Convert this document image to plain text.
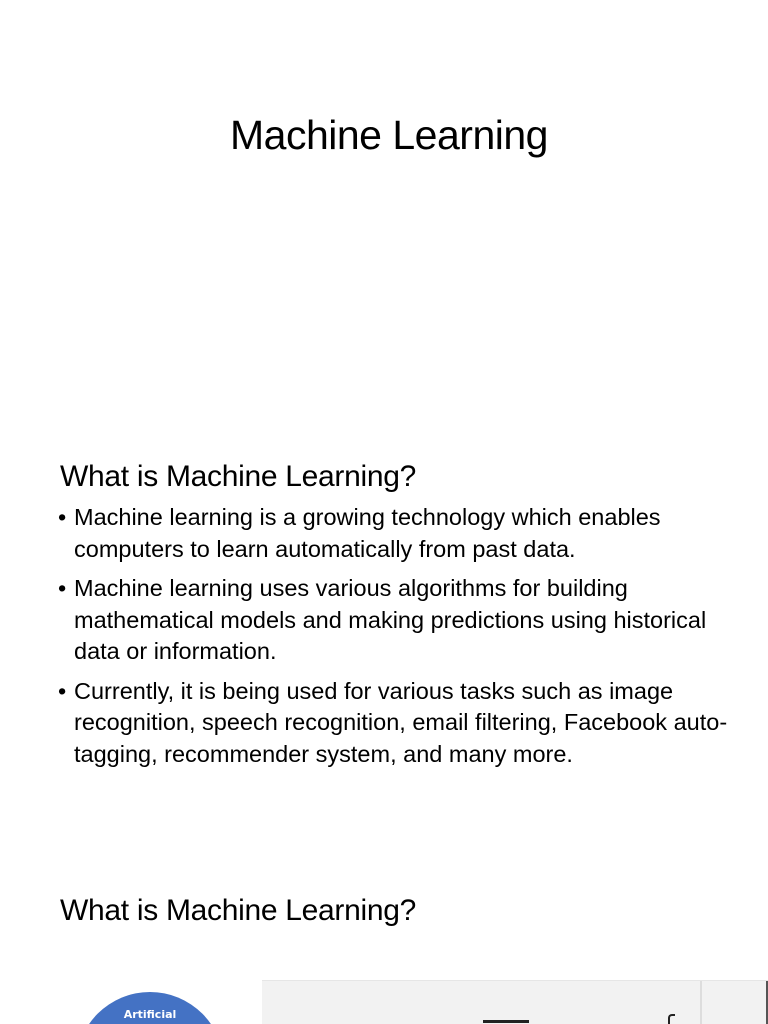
Machine Learning
What is Machine Learning?
• Machine learning is a growing technology which enables computers to learn automatically from past data.
• Machine learning uses various algorithms for building mathematical models and making predictions using historical data or information.
• Currently, it is being used for various tasks such as image recognition, speech recognition, email filtering, Facebook auto-tagging, recommender system, and many more.
What is Machine Learning?
Artificial
